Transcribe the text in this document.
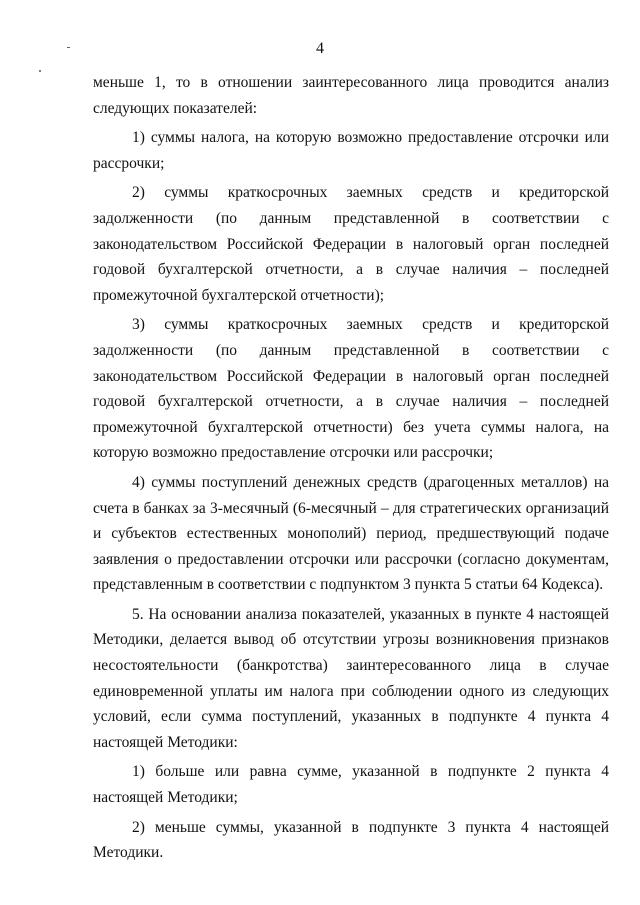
4

меньше 1, то в отношении заинтересованного лица проводится анализ следующих показателей:

1) суммы налога, на которую возможно предоставление отсрочки или рассрочки;

2) суммы краткосрочных заемных средств и кредиторской задолженности (по данным представленной в соответствии с законодательством Российской Федерации в налоговый орган последней годовой бухгалтерской отчетности, а в случае наличия – последней промежуточной бухгалтерской отчетности);

3) суммы краткосрочных заемных средств и кредиторской задолженности (по данным представленной в соответствии с законодательством Российской Федерации в налоговый орган последней годовой бухгалтерской отчетности, а в случае наличия – последней промежуточной бухгалтерской отчетности) без учета суммы налога, на которую возможно предоставление отсрочки или рассрочки;

4) суммы поступлений денежных средств (драгоценных металлов) на счета в банках за 3-месячный (6-месячный – для стратегических организаций и субъектов естественных монополий) период, предшествующий подаче заявления о предоставлении отсрочки или рассрочки (согласно документам, представленным в соответствии с подпунктом 3 пункта 5 статьи 64 Кодекса).

5. На основании анализа показателей, указанных в пункте 4 настоящей Методики, делается вывод об отсутствии угрозы возникновения признаков несостоятельности (банкротства) заинтересованного лица в случае единовременной уплаты им налога при соблюдении одного из следующих условий, если сумма поступлений, указанных в подпункте 4 пункта 4 настоящей Методики:

1) больше или равна сумме, указанной в подпункте 2 пункта 4 настоящей Методики;

2) меньше суммы, указанной в подпункте 3 пункта 4 настоящей Методики.
